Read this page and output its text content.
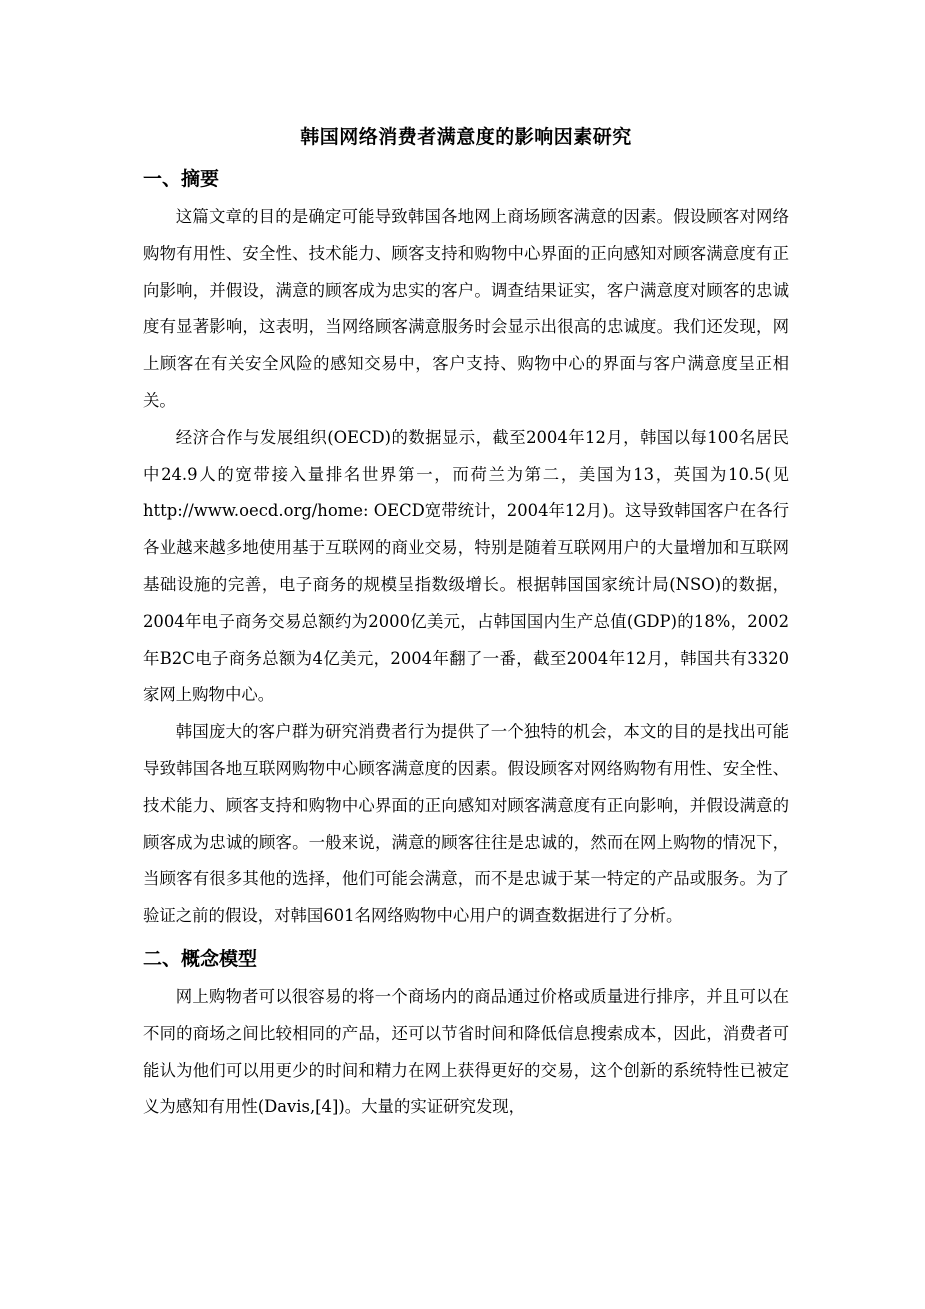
韩国网络消费者满意度的影响因素研究
一、摘要

这篇文章的目的是确定可能导致韩国各地网上商场顾客满意的因素。假设顾客对网络购物有用性、安全性、技术能力、顾客支持和购物中心界面的正向感知对顾客满意度有正向影响，并假设，满意的顾客成为忠实的客户。调查结果证实，客户满意度对顾客的忠诚度有显著影响，这表明，当网络顾客满意服务时会显示出很高的忠诚度。我们还发现，网上顾客在有关安全风险的感知交易中，客户支持、购物中心的界面与客户满意度呈正相关。

经济合作与发展组织(OECD)的数据显示，截至2004年12月，韩国以每100名居民中24.9人的宽带接入量排名世界第一，而荷兰为第二，美国为13，英国为10.5(见http://www.oecd.org/home: OECD宽带统计，2004年12月)。这导致韩国客户在各行各业越来越多地使用基于互联网的商业交易，特别是随着互联网用户的大量增加和互联网基础设施的完善，电子商务的规模呈指数级增长。根据韩国国家统计局(NSO)的数据，2004年电子商务交易总额约为2000亿美元，占韩国国内生产总值(GDP)的18%，2002年B2C电子商务总额为4亿美元，2004年翻了一番，截至2004年12月，韩国共有3320家网上购物中心。

韩国庞大的客户群为研究消费者行为提供了一个独特的机会，本文的目的是找出可能导致韩国各地互联网购物中心顾客满意度的因素。假设顾客对网络购物有用性、安全性、技术能力、顾客支持和购物中心界面的正向感知对顾客满意度有正向影响，并假设满意的顾客成为忠诚的顾客。一般来说，满意的顾客往往是忠诚的，然而在网上购物的情况下，当顾客有很多其他的选择，他们可能会满意，而不是忠诚于某一特定的产品或服务。为了验证之前的假设，对韩国601名网络购物中心用户的调查数据进行了分析。

二、概念模型

网上购物者可以很容易的将一个商场内的商品通过价格或质量进行排序，并且可以在不同的商场之间比较相同的产品，还可以节省时间和降低信息搜索成本，因此，消费者可能认为他们可以用更少的时间和精力在网上获得更好的交易，这个创新的系统特性已被定义为感知有用性(Davis,[4])。大量的实证研究发现，
